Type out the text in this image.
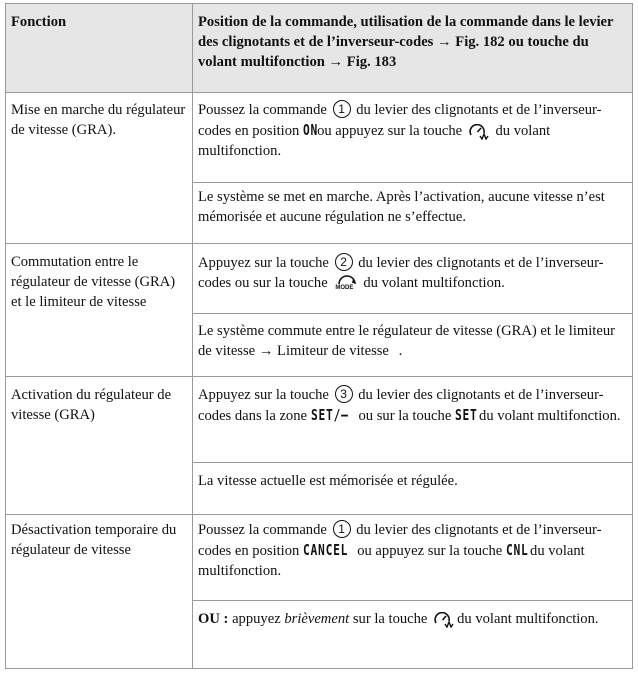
Fonction	Position de la commande, utilisation de la commande dans le levier des clignotants et de l’inverseur-codes → Fig. 182 ou touche du volant multifonction → Fig. 183
Mise en marche du régulateur de vitesse (GRA).
Poussez la commande 1 du levier des clignotants et de l’inverseur-codes en position ONou appuyez sur la touche du volant multifonction.
Le système se met en marche. Après l’activation, aucune vitesse n’est mémorisée et aucune régulation ne s’effectue.
Commutation entre le régulateur de vitesse (GRA) et le limiteur de vitesse
Appuyez sur la touche 2 du levier des clignotants et de l’inverseur-codes ou sur la touche MODE du volant multifonction.
Le système commute entre le régulateur de vitesse (GRA) et le limiteur de vitesse → Limiteur de vitesse .
Activation du régulateur de vitesse (GRA)
Appuyez sur la touche 3 du levier des clignotants et de l’inverseur-codes dans la zone SET/– ou sur la touche SET du volant multifonction.
La vitesse actuelle est mémorisée et régulée.
Désactivation temporaire du régulateur de vitesse
Poussez la commande 1 du levier des clignotants et de l’inverseur-codes en position CANCEL ou appuyez sur la touche CNL du volant multifonction.
OU : appuyez brièvement sur la touche du volant multifonction.
